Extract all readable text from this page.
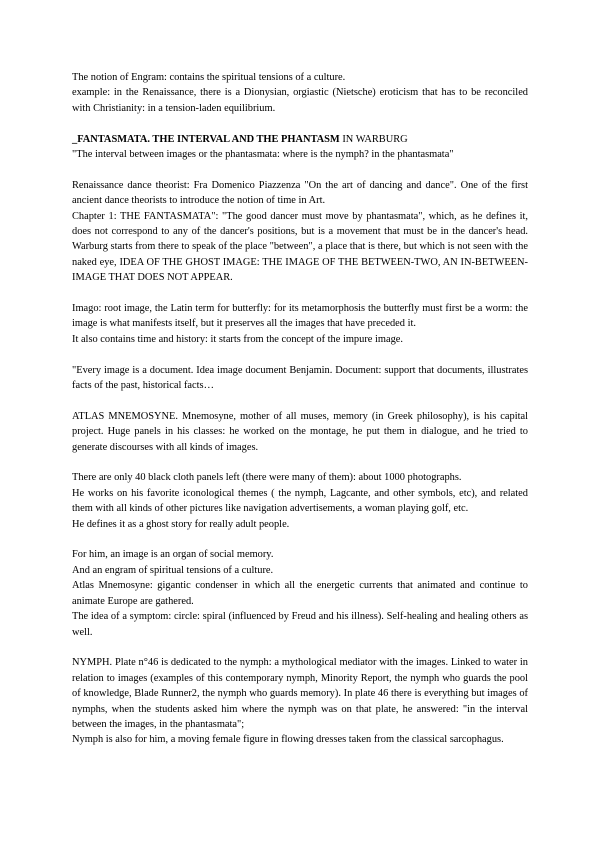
The notion of Engram: contains the spiritual tensions of a culture.

example: in the Renaissance, there is a Dionysian, orgiastic (Nietsche) eroticism that has to be reconciled with Christianity: in a tension-laden equilibrium.

_FANTASMATA. THE INTERVAL AND THE PHANTASM IN WARBURG

"The interval between images or the phantasmata: where is the nymph? in the phantasmata"

Renaissance dance theorist: Fra Domenico Piazzenza "On the art of dancing and dance". One of the first ancient dance theorists to introduce the notion of time in Art.

Chapter 1: THE FANTASMATA": "The good dancer must move by phantasmata", which, as he defines it, does not correspond to any of the dancer's positions, but is a movement that must be in the dancer's head. Warburg starts from there to speak of the place "between", a place that is there, but which is not seen with the naked eye, IDEA OF THE GHOST IMAGE: THE IMAGE OF THE BETWEEN-TWO, AN IN-BETWEEN-IMAGE THAT DOES NOT APPEAR.

Imago: root image, the Latin term for butterfly: for its metamorphosis the butterfly must first be a worm: the image is what manifests itself, but it preserves all the images that have preceded it.

It also contains time and history: it starts from the concept of the impure image.

"Every image is a document. Idea image document Benjamin. Document: support that documents, illustrates facts of the past, historical facts…

ATLAS MNEMOSYNE. Mnemosyne, mother of all muses, memory (in Greek philosophy), is his capital project. Huge panels in his classes: he worked on the montage, he put them in dialogue, and he tried to generate discourses with all kinds of images.

There are only 40 black cloth panels left (there were many of them): about 1000 photographs.

He works on his favorite iconological themes ( the nymph, Lagcante, and other symbols, etc), and related them with all kinds of other pictures like navigation advertisements, a woman playing golf, etc.

He defines it as a ghost story for really adult people.

For him, an image is an organ of social memory.

And an engram of spiritual tensions of a culture.

Atlas Mnemosyne: gigantic condenser in which all the energetic currents that animated and continue to animate Europe are gathered.

The idea of a symptom: circle: spiral (influenced by Freud and his illness). Self-healing and healing others as well.

NYMPH. Plate n°46 is dedicated to the nymph: a mythological mediator with the images. Linked to water in relation to images (examples of this contemporary nymph, Minority Report, the nymph who guards the pool of knowledge, Blade Runner2, the nymph who guards memory). In plate 46 there is everything but images of nymphs, when the students asked him where the nymph was on that plate, he answered: "in the interval between the images, in the phantasmata";

Nymph is also for him, a moving female figure in flowing dresses taken from the classical sarcophagus.
